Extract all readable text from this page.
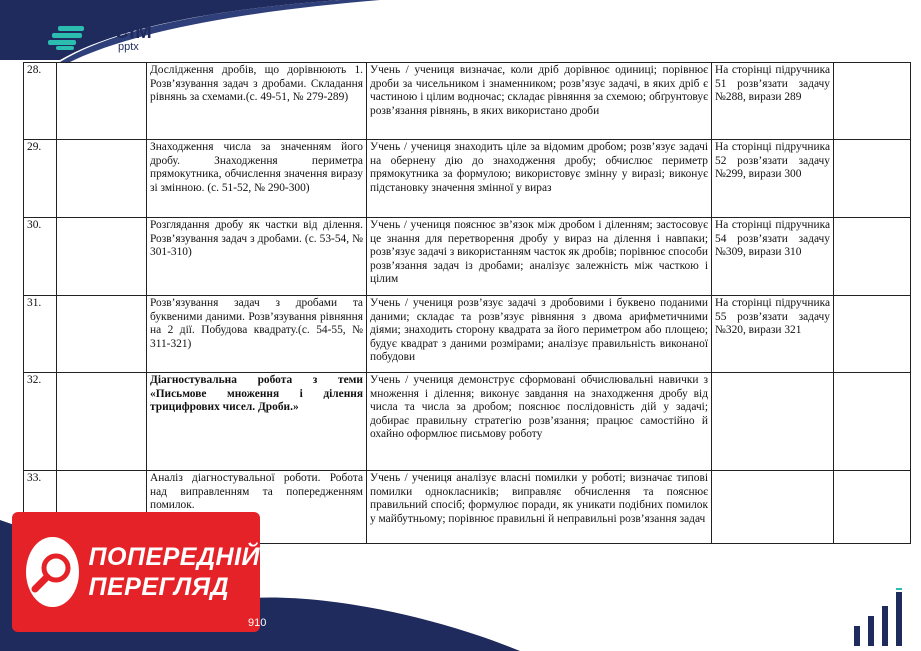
ВСІМ
pptx
28.		Дослідження дробів, що дорівнюють 1. Розв’язування задач з дробами. Складання рівнянь за схемами.(с. 49-51, № 279-289)	Учень / учениця визначає, коли дріб дорівнює одиниці; порівнює дроби за чисельником і знаменником; розв’язує задачі, в яких дріб є частиною і цілим водночас; складає рівняння за схемою; обґрунтовує розв’язання рівнянь, в яких використано дроби	На сторінці підручника 51 розв’язати задачу №288, вирази 289	
29.		Знаходження числа за значенням його дробу. Знаходження периметра прямокутника, обчислення значення виразу зі змінною. (с. 51-52, № 290-300)	Учень / учениця знаходить ціле за відомим дробом; розв’язує задачі на обернену дію до знаходження дробу; обчислює периметр прямокутника за формулою; використовує змінну у виразі; виконує підстановку значення змінної у вираз	На сторінці підручника 52 розв’язати задачу №299, вирази 300	
30.		Розглядання дробу як частки від ділення. Розв’язування задач з дробами. (с. 53-54, № 301-310)	Учень / учениця пояснює зв’язок між дробом і діленням; застосовує це знання для перетворення дробу у вираз на ділення і навпаки; розв’язує задачі з використанням часток як дробів; порівнює способи розв’язання задач із дробами; аналізує залежність між часткою і цілим	На сторінці підручника 54 розв’язати задачу №309, вирази 310	
31.		Розв’язування задач з дробами та буквеними даними. Розв’язування рівняння на 2 дії. Побудова квадрату.(с. 54-55, № 311-321)	Учень / учениця розв’язує задачі з дробовими і буквено поданими даними; складає та розв’язує рівняння з двома арифметичними діями; знаходить сторону квадрата за його периметром або площею; будує квадрат з даними розмірами; аналізує правильність виконаної побудови	На сторінці підручника 55 розв’язати задачу №320, вирази 321	
32.		Діагностувальна робота з теми «Письмове множення і ділення трицифрових чисел. Дроби.»	Учень / учениця демонструє сформовані обчислювальні навички з множення і ділення; виконує завдання на знаходження дробу від числа та числа за дробом; пояснює послідовність дій у задачі; добирає правильну стратегію розв’язання; працює самостійно й охайно оформлює письмову роботу		
33.		Аналіз діагностувальної роботи. Робота над виправленням та попередженням помилок.	Учень / учениця аналізує власні помилки у роботі; визначає типові помилки однокласників; виправляє обчислення та пояснює правильний спосіб; формулює поради, як уникати подібних помилок у майбутньому; порівнює правильні й неправильні розв’язання задач		
ПОПЕРЕДНІЙ
ПЕРЕГЛЯД
910
